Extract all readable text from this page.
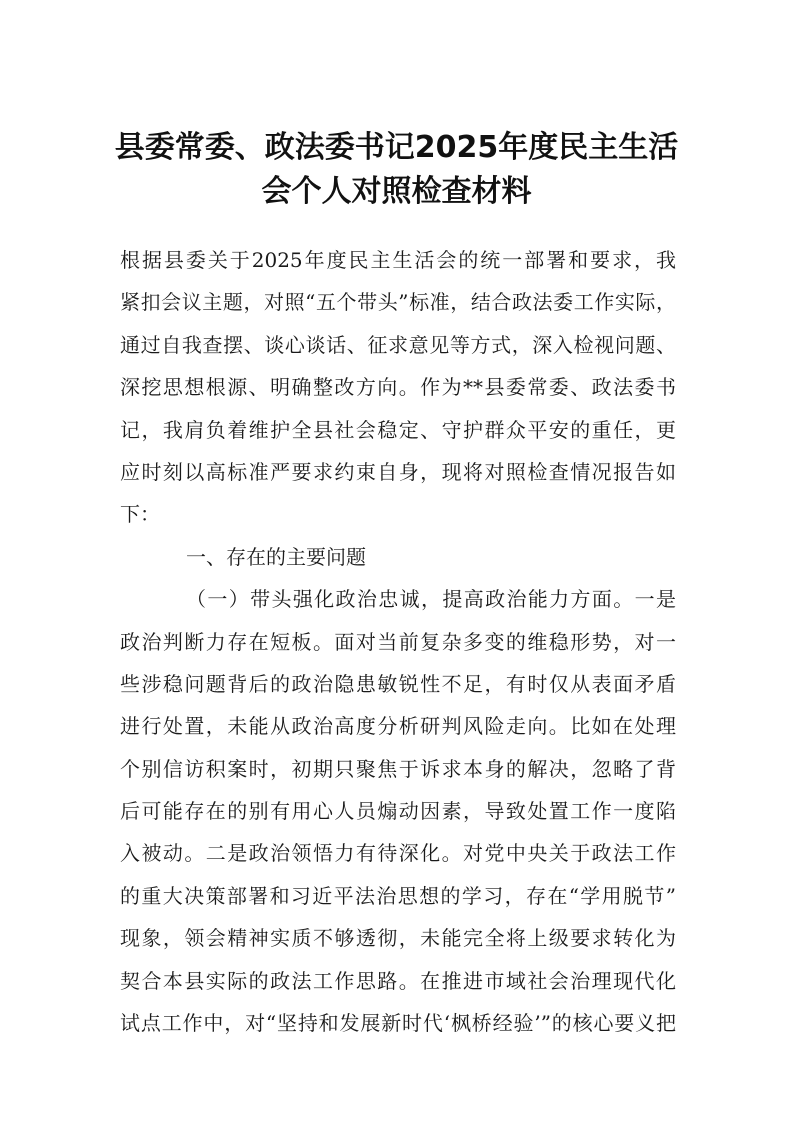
县委常委、政法委书记2025年度民主生活
会个人对照检查材料
根据县委关于2025年度民主生活会的统一部署和要求，我
紧扣会议主题，对照“五个带头”标准，结合政法委工作实际，
通过自我查摆、谈心谈话、征求意见等方式，深入检视问题、
深挖思想根源、明确整改方向。作为**县委常委、政法委书
记，我肩负着维护全县社会稳定、守护群众平安的重任，更
应时刻以高标准严要求约束自身，现将对照检查情况报告如
下：
一、存在的主要问题
（一）带头强化政治忠诚，提高政治能力方面。一是
政治判断力存在短板。面对当前复杂多变的维稳形势，对一
些涉稳问题背后的政治隐患敏锐性不足，有时仅从表面矛盾
进行处置，未能从政治高度分析研判风险走向。比如在处理
个别信访积案时，初期只聚焦于诉求本身的解决，忽略了背
后可能存在的别有用心人员煽动因素，导致处置工作一度陷
入被动。二是政治领悟力有待深化。对党中央关于政法工作
的重大决策部署和习近平法治思想的学习，存在“学用脱节”
现象，领会精神实质不够透彻，未能完全将上级要求转化为
契合本县实际的政法工作思路。在推进市域社会治理现代化
试点工作中，对“坚持和发展新时代‘枫桥经验’”的核心要义把
